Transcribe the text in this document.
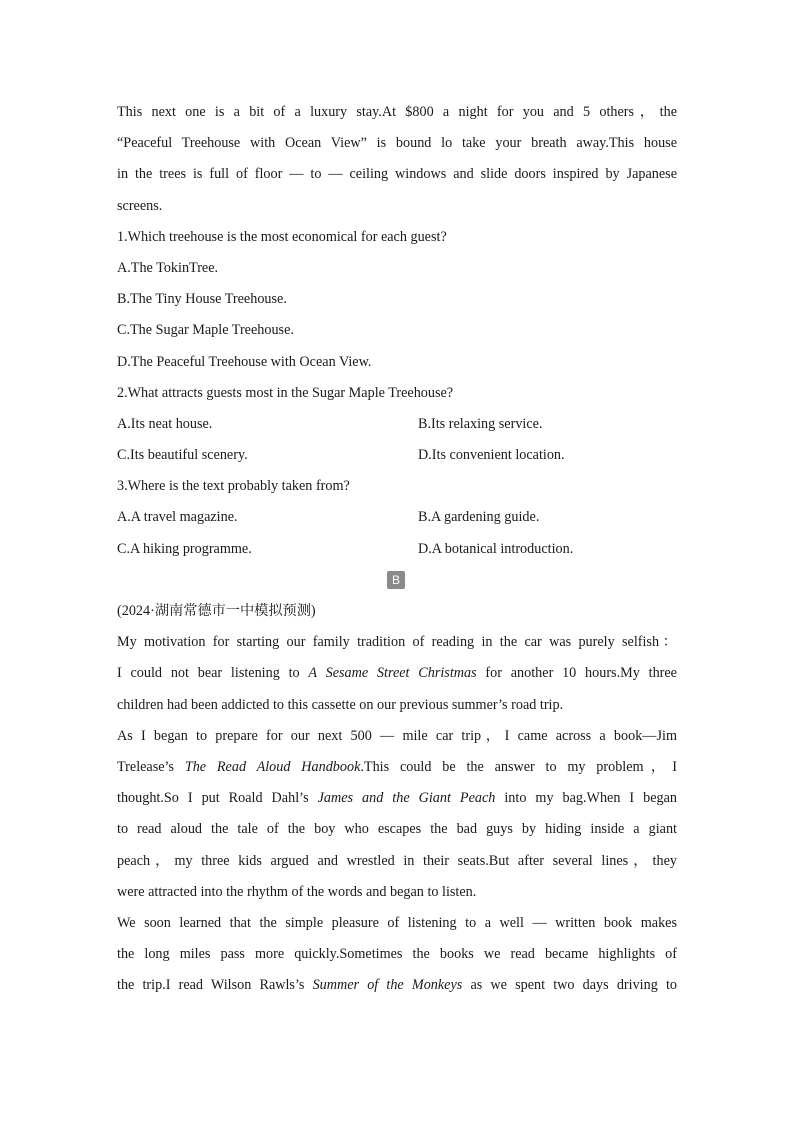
This next one is a bit of a luxury stay.At $800 a night for you and 5 others，the
“Peaceful Treehouse with Ocean View” is bound lo take your breath away.This house
in the trees is full of floor — to — ceiling windows and slide doors inspired by Japanese
screens.
1.Which treehouse is the most economical for each guest?
A.The TokinTree.
B.The Tiny House Treehouse.
C.The Sugar Maple Treehouse.
D.The Peaceful Treehouse with Ocean View.
2.What attracts guests most in the Sugar Maple Treehouse?
A.Its neat house.	B.Its relaxing service.
C.Its beautiful scenery.	D.Its convenient location.
3.Where is the text probably taken from?
A.A travel magazine.	B.A gardening guide.
C.A hiking programme.	D.A botanical introduction.
B
(2024·湖南常德市一中模拟预测)
My motivation for starting our family tradition of reading in the car was purely selfish：
I could not bear listening to A Sesame Street Christmas for another 10 hours.My three
children had been addicted to this cassette on our previous summer’s road trip.
As I began to prepare for our next 500 — mile car trip，I came across a book—Jim
Trelease’s The Read Aloud Handbook.This could be the answer to my problem，I
thought.So I put Roald Dahl’s James and the Giant Peach into my bag.When I began
to read aloud the tale of the boy who escapes the bad guys by hiding inside a giant
peach，my three kids argued and wrestled in their seats.But after several lines，they
were attracted into the rhythm of the words and began to listen.
We soon learned that the simple pleasure of listening to a well — written book makes
the long miles pass more quickly.Sometimes the books we read became highlights of
the trip.I read Wilson Rawls’s Summer of the Monkeys as we spent two days driving to
